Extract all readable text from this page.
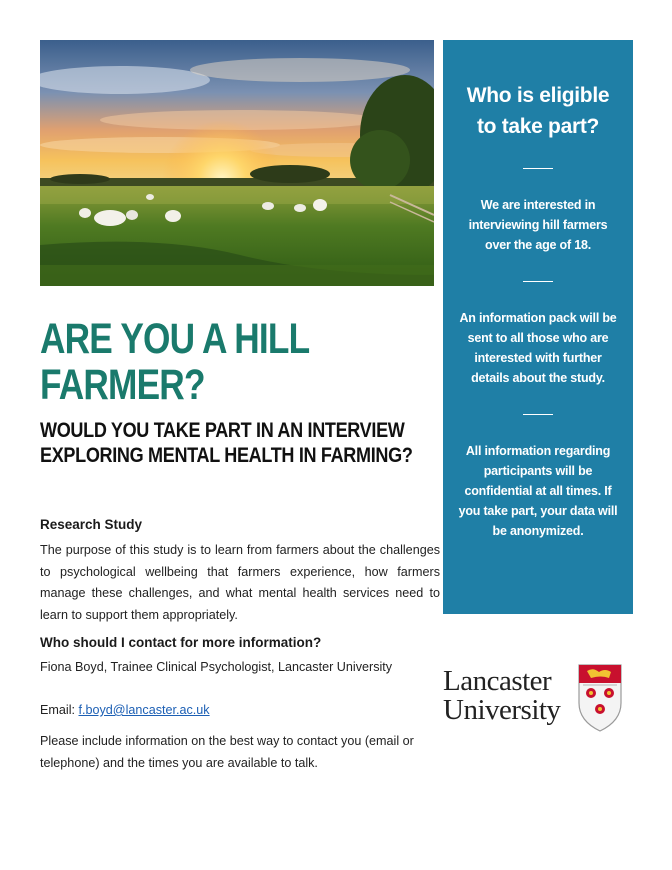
Who is eligible to take part?
We are interested in interviewing hill farmers over the age of 18.
An information pack will be sent to all those who are interested with further details about the study.
All information regarding participants will be confidential at all times. If you take part, your data will be anonymized.
ARE YOU A HILL FARMER?
WOULD YOU TAKE PART IN AN INTERVIEW EXPLORING MENTAL HEALTH IN FARMING?
Research Study
The purpose of this study is to learn from farmers about the challenges to psychological wellbeing that farmers experience, how farmers manage these challenges, and what mental health services need to learn to support them appropriately.
Who should I contact for more information?
Fiona Boyd, Trainee Clinical Psychologist, Lancaster University
Email: f.boyd@lancaster.ac.uk
Please include information on the best way to contact you (email or telephone) and the times you are available to talk.
Lancaster
University
